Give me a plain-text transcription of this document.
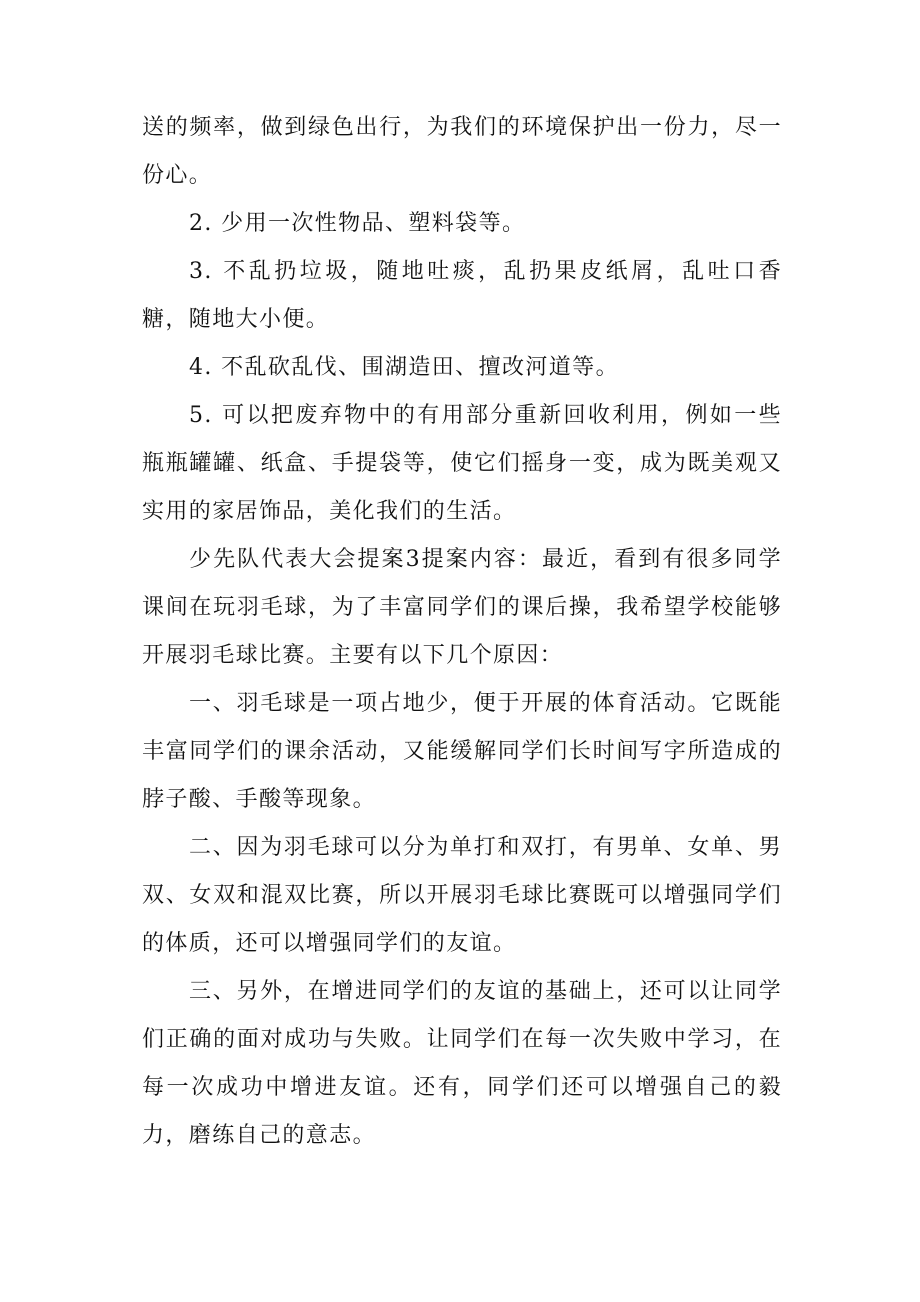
送的频率，做到绿色出行，为我们的环境保护出一份力，尽一份心。

2. 少用一次性物品、塑料袋等。

3. 不乱扔垃圾，随地吐痰，乱扔果皮纸屑，乱吐口香糖，随地大小便。

4. 不乱砍乱伐、围湖造田、擅改河道等。

5. 可以把废弃物中的有用部分重新回收利用，例如一些瓶瓶罐罐、纸盒、手提袋等，使它们摇身一变，成为既美观又实用的家居饰品，美化我们的生活。

少先队代表大会提案3提案内容：最近，看到有很多同学课间在玩羽毛球，为了丰富同学们的课后操，我希望学校能够开展羽毛球比赛。主要有以下几个原因：

一、羽毛球是一项占地少，便于开展的体育活动。它既能丰富同学们的课余活动，又能缓解同学们长时间写字所造成的脖子酸、手酸等现象。

二、因为羽毛球可以分为单打和双打，有男单、女单、男双、女双和混双比赛，所以开展羽毛球比赛既可以增强同学们的体质，还可以增强同学们的友谊。

三、另外，在增进同学们的友谊的基础上，还可以让同学们正确的面对成功与失败。让同学们在每一次失败中学习，在每一次成功中增进友谊。还有，同学们还可以增强自己的毅力，磨练自己的意志。
